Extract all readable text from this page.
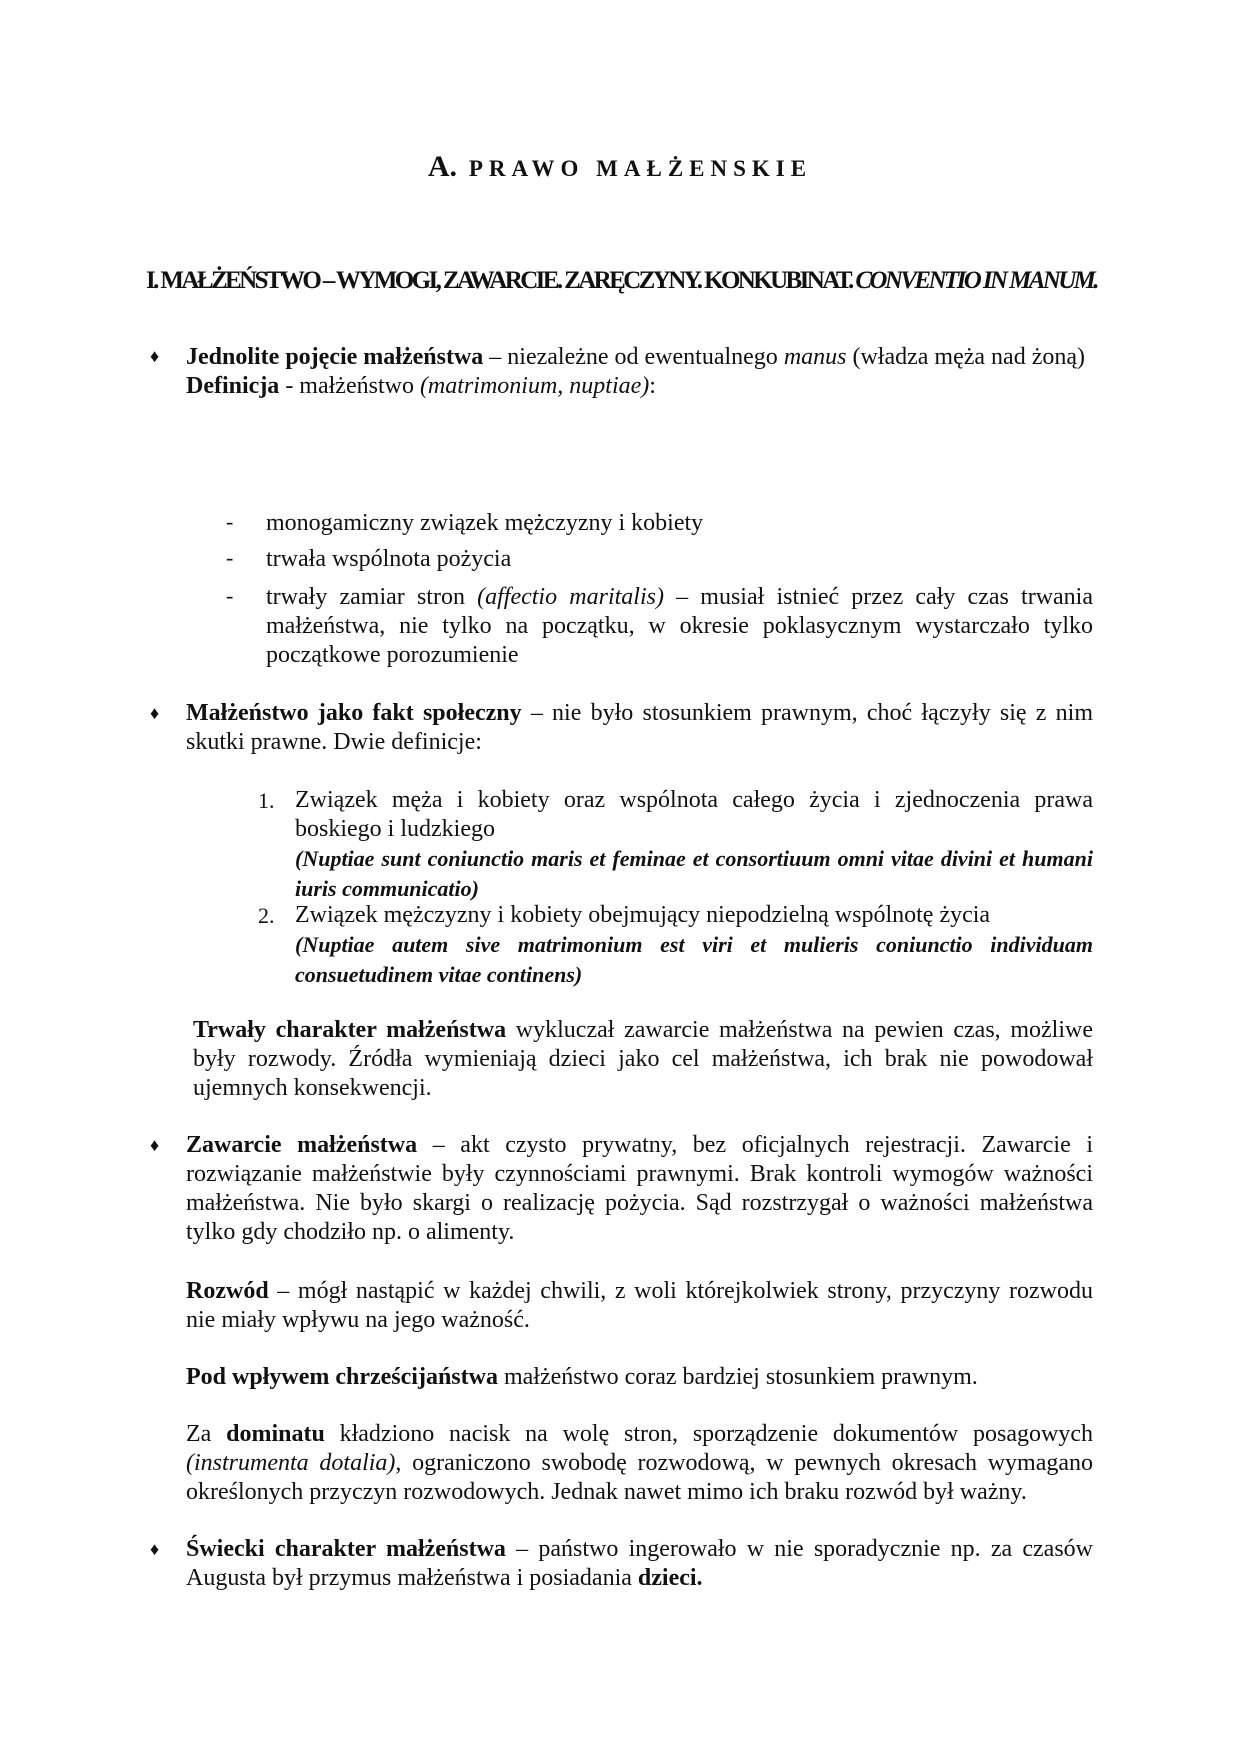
A. PRAWO MAŁŻENSKIE
I. MAŁŻEŃSTWO – WYMOGI, ZAWARCIE. ZARĘCZYNY. KONKUBINAT. CONVENTIO IN MANUM.
♦ Jednolite pojęcie małżeństwa – niezależne od ewentualnego manus (władza męża nad żoną)
Definicja - małżeństwo (matrimonium, nuptiae):
- monogamiczny związek mężczyzny i kobiety
- trwała wspólnota pożycia
- trwały zamiar stron (affectio maritalis) – musiał istnieć przez cały czas trwania małżeństwa, nie tylko na początku, w okresie poklasycznym wystarczało tylko początkowe porozumienie
♦ Małżeństwo jako fakt społeczny – nie było stosunkiem prawnym, choć łączyły się z nim skutki prawne. Dwie definicje:
1. Związek męża i kobiety oraz wspólnota całego życia i zjednoczenia prawa boskiego i ludzkiego
(Nuptiae sunt coniunctio maris et feminae et consortiuum omni vitae divini et humani iuris communicatio)
2. Związek mężczyzny i kobiety obejmujący niepodzielną wspólnotę życia
(Nuptiae autem sive matrimonium est viri et mulieris coniunctio individuam consuetudinem vitae continens)
Trwały charakter małżeństwa wykluczał zawarcie małżeństwa na pewien czas, możliwe były rozwody. Źródła wymieniają dzieci jako cel małżeństwa, ich brak nie powodował ujemnych konsekwencji.
♦ Zawarcie małżeństwa – akt czysto prywatny, bez oficjalnych rejestracji. Zawarcie i rozwiązanie małżeństwie były czynnościami prawnymi. Brak kontroli wymogów ważności małżeństwa. Nie było skargi o realizację pożycia. Sąd rozstrzygał o ważności małżeństwa tylko gdy chodziło np. o alimenty.
Rozwód – mógł nastąpić w każdej chwili, z woli którejkolwiek strony, przyczyny rozwodu nie miały wpływu na jego ważność.
Pod wpływem chrześcijaństwa małżeństwo coraz bardziej stosunkiem prawnym.
Za dominatu kładziono nacisk na wolę stron, sporządzenie dokumentów posagowych (instrumenta dotalia), ograniczono swobodę rozwodową, w pewnych okresach wymagano określonych przyczyn rozwodowych. Jednak nawet mimo ich braku rozwód był ważny.
♦ Świecki charakter małżeństwa – państwo ingerowało w nie sporadycznie np. za czasów Augusta był przymus małżeństwa i posiadania dzieci.
